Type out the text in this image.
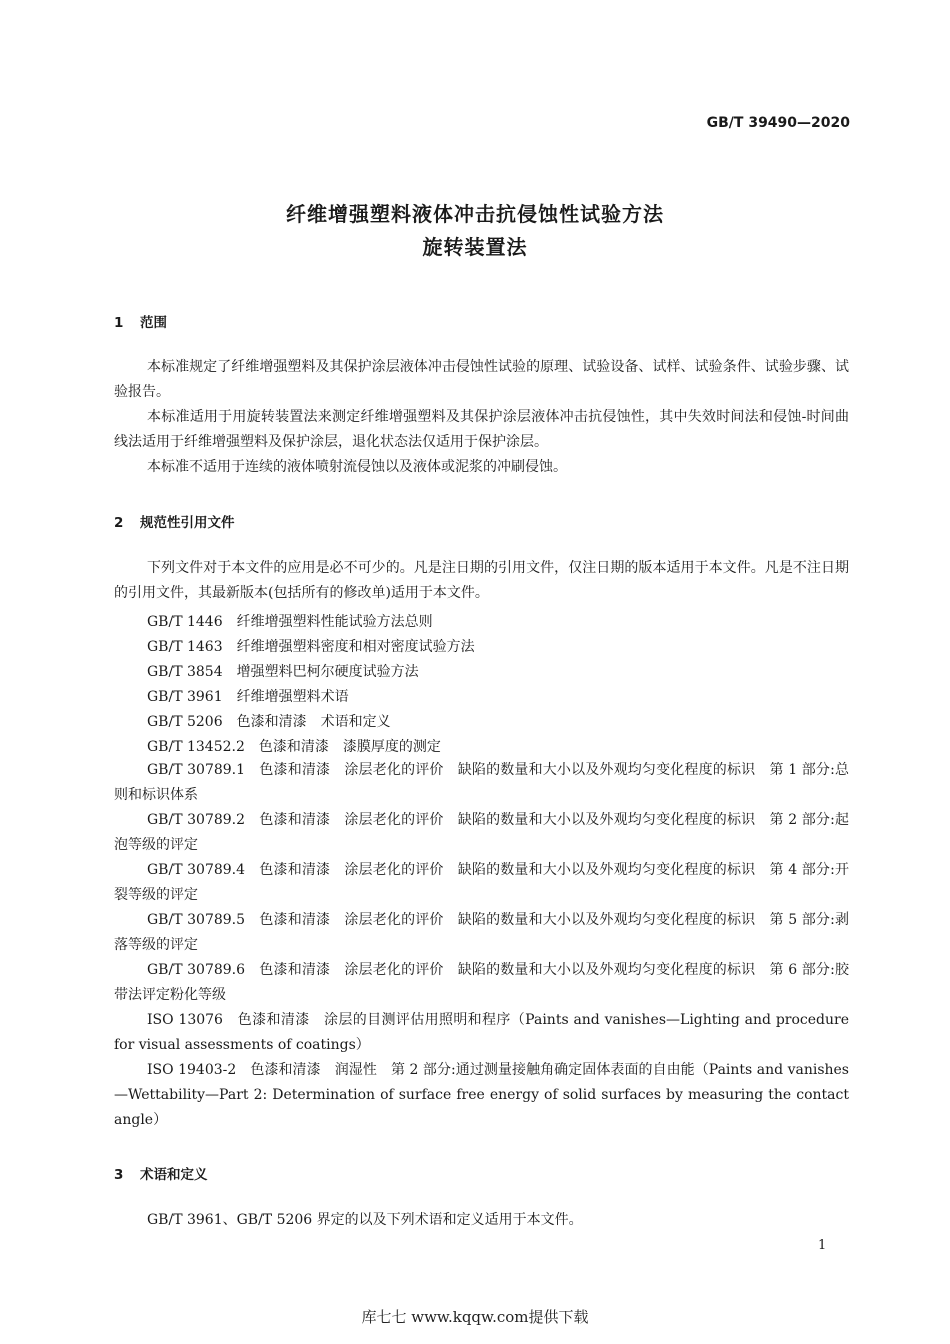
GB/T 39490—2020
纤维增强塑料液体冲击抗侵蚀性试验方法
旋转装置法
1 范围
本标准规定了纤维增强塑料及其保护涂层液体冲击侵蚀性试验的原理、试验设备、试样、试验条件、试验步骤、试验报告。
本标准适用于用旋转装置法来测定纤维增强塑料及其保护涂层液体冲击抗侵蚀性，其中失效时间法和侵蚀-时间曲线法适用于纤维增强塑料及保护涂层，退化状态法仅适用于保护涂层。
本标准不适用于连续的液体喷射流侵蚀以及液体或泥浆的冲刷侵蚀。
2 规范性引用文件
下列文件对于本文件的应用是必不可少的。凡是注日期的引用文件，仅注日期的版本适用于本文件。凡是不注日期的引用文件，其最新版本(包括所有的修改单)适用于本文件。
GB/T 1446　纤维增强塑料性能试验方法总则
GB/T 1463　纤维增强塑料密度和相对密度试验方法
GB/T 3854　增强塑料巴柯尔硬度试验方法
GB/T 3961　纤维增强塑料术语
GB/T 5206　色漆和清漆　术语和定义
GB/T 13452.2　色漆和清漆　漆膜厚度的测定
GB/T 30789.1　色漆和清漆　涂层老化的评价　缺陷的数量和大小以及外观均匀变化程度的标识　第 1 部分:总则和标识体系
GB/T 30789.2　色漆和清漆　涂层老化的评价　缺陷的数量和大小以及外观均匀变化程度的标识　第 2 部分:起泡等级的评定
GB/T 30789.4　色漆和清漆　涂层老化的评价　缺陷的数量和大小以及外观均匀变化程度的标识　第 4 部分:开裂等级的评定
GB/T 30789.5　色漆和清漆　涂层老化的评价　缺陷的数量和大小以及外观均匀变化程度的标识　第 5 部分:剥落等级的评定
GB/T 30789.6　色漆和清漆　涂层老化的评价　缺陷的数量和大小以及外观均匀变化程度的标识　第 6 部分:胶带法评定粉化等级
ISO 13076　色漆和清漆　涂层的目测评估用照明和程序（Paints and vanishes—Lighting and procedure for visual assessments of coatings）
ISO 19403-2　色漆和清漆　润湿性　第 2 部分:通过测量接触角确定固体表面的自由能（Paints and vanishes—Wettability—Part 2: Determination of surface free energy of solid surfaces by measuring the contact angle）
3 术语和定义
GB/T 3961、GB/T 5206 界定的以及下列术语和定义适用于本文件。
1
库七七 www.kqqw.com提供下载
